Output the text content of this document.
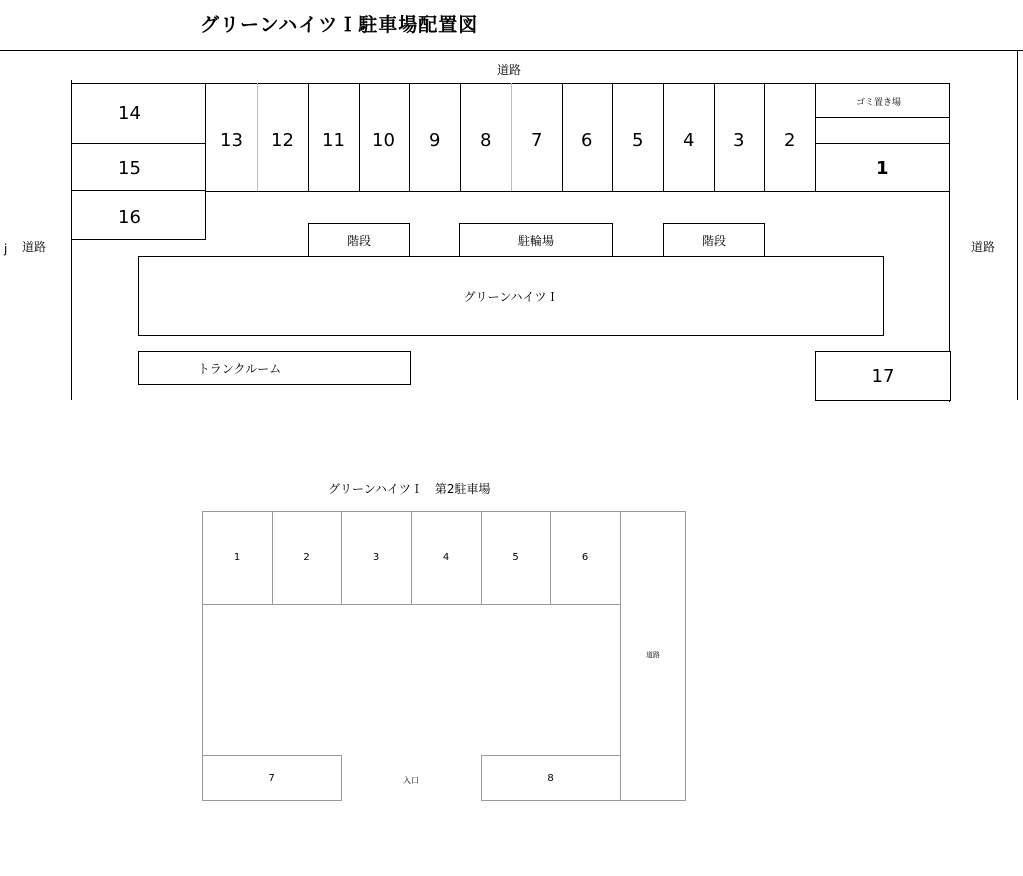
グリーンハイツＩ駐車場配置図
14
15
16
13 12 11 10 9 8 7 6 5 4 3 2
ゴミ置き場
1
道路
道路
j	道路
階段	駐輪場	階段
グリーンハイツＩ
トランクルーム	17
グリーンハイツＩ　第2駐車場
1	2	3	4	5	6
道路
7	入口	8
